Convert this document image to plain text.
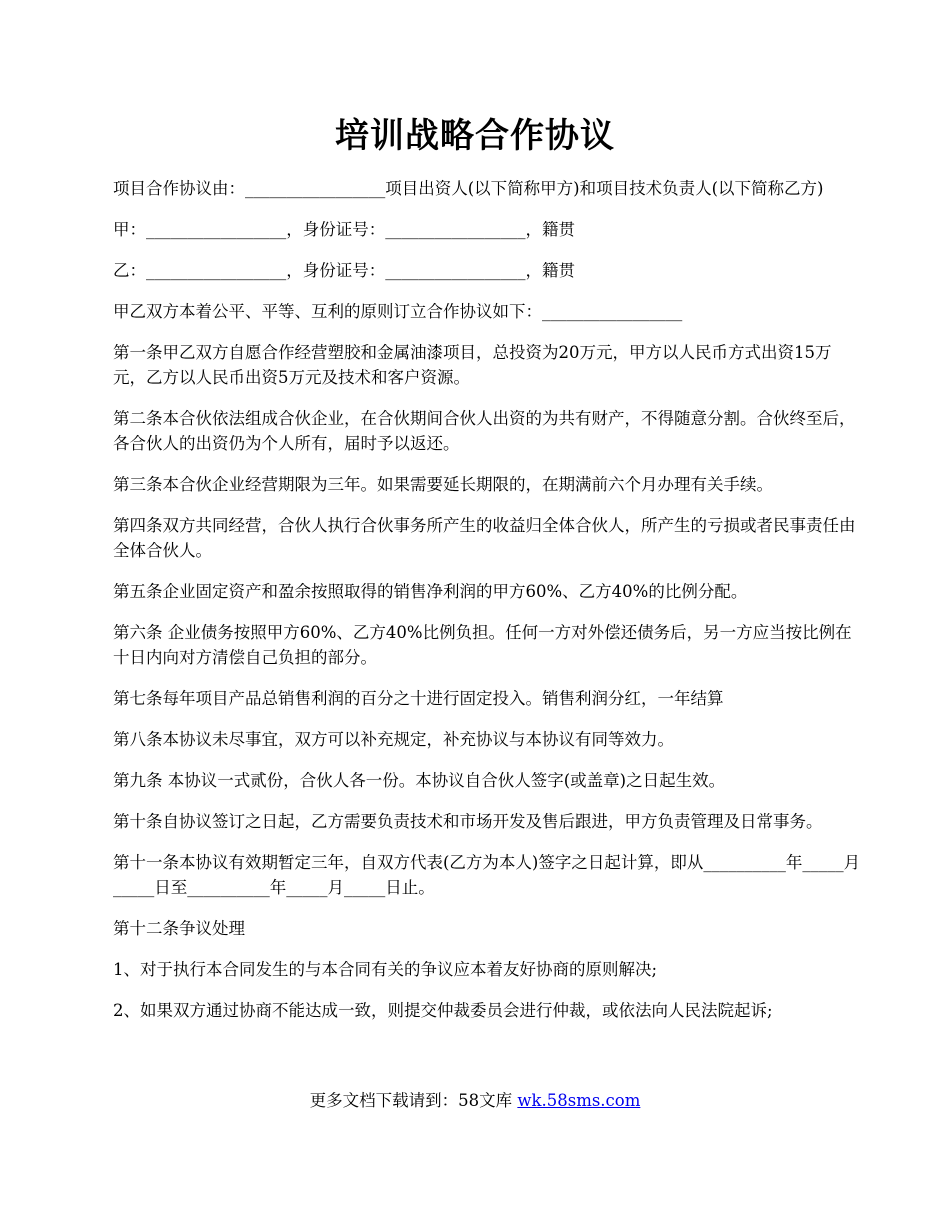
培训战略合作协议

项目合作协议由：_________________项目出资人(以下简称甲方)和项目技术负责人(以下简称乙方)

甲：_________________，身份证号：_________________，籍贯

乙：_________________，身份证号：_________________，籍贯

甲乙双方本着公平、平等、互利的原则订立合作协议如下：_________________

第一条甲乙双方自愿合作经营塑胶和金属油漆项目，总投资为20万元，甲方以人民币方式出资15万元，乙方以人民币出资5万元及技术和客户资源。

第二条本合伙依法组成合伙企业，在合伙期间合伙人出资的为共有财产，不得随意分割。合伙终至后，各合伙人的出资仍为个人所有，届时予以返还。

第三条本合伙企业经营期限为三年。如果需要延长期限的，在期满前六个月办理有关手续。

第四条双方共同经营，合伙人执行合伙事务所产生的收益归全体合伙人，所产生的亏损或者民事责任由全体合伙人。

第五条企业固定资产和盈余按照取得的销售净利润的甲方60%、乙方40%的比例分配。

第六条 企业债务按照甲方60%、乙方40%比例负担。任何一方对外偿还债务后，另一方应当按比例在十日内向对方清偿自己负担的部分。

第七条每年项目产品总销售利润的百分之十进行固定投入。销售利润分红，一年结算

第八条本协议未尽事宜，双方可以补充规定，补充协议与本协议有同等效力。

第九条 本协议一式贰份，合伙人各一份。本协议自合伙人签字(或盖章)之日起生效。

第十条自协议签订之日起，乙方需要负责技术和市场开发及售后跟进，甲方负责管理及日常事务。

第十一条本协议有效期暂定三年，自双方代表(乙方为本人)签字之日起计算，即从__________年_____月_____日至__________年_____月_____日止。

第十二条争议处理

1、对于执行本合同发生的与本合同有关的争议应本着友好协商的原则解决;

2、如果双方通过协商不能达成一致，则提交仲裁委员会进行仲裁，或依法向人民法院起诉;

更多文档下载请到：58文库 wk.58sms.com
